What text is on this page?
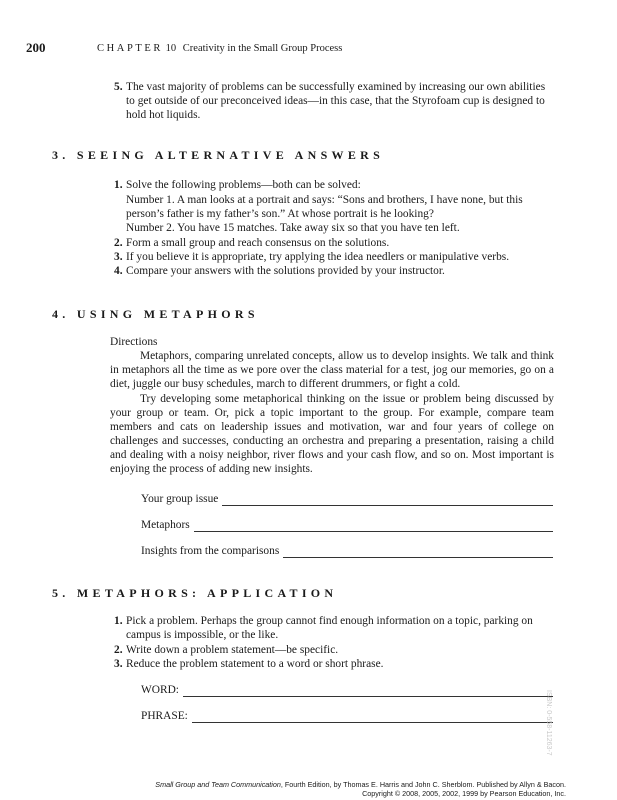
200	CHAPTER 10 Creativity in the Small Group Process
5. The vast majority of problems can be successfully examined by increasing our own abilities to get outside of our preconceived ideas—in this case, that the Styrofoam cup is designed to hold hot liquids.
3. SEEING ALTERNATIVE ANSWERS
1. Solve the following problems—both can be solved:
Number 1. A man looks at a portrait and says: “Sons and brothers, I have none, but this person’s father is my father’s son.” At whose portrait is he looking?
Number 2. You have 15 matches. Take away six so that you have ten left.
2. Form a small group and reach consensus on the solutions.
3. If you believe it is appropriate, try applying the idea needlers or manipulative verbs.
4. Compare your answers with the solutions provided by your instructor.
4. USING METAPHORS
Directions
Metaphors, comparing unrelated concepts, allow us to develop insights. We talk and think in metaphors all the time as we pore over the class material for a test, jog our memories, go on a diet, juggle our busy schedules, march to different drummers, or fight a cold.
Try developing some metaphorical thinking on the issue or problem being discussed by your group or team. Or, pick a topic important to the group. For example, compare team members and cats on leadership issues and motivation, war and four years of college on challenges and successes, conducting an orchestra and preparing a presentation, raising a child and dealing with a noisy neighbor, river flows and your cash flow, and so on. Most important is enjoying the process of adding new insights.
Your group issue
Metaphors
Insights from the comparisons
5. METAPHORS: APPLICATION
1. Pick a problem. Perhaps the group cannot find enough information on a topic, parking on campus is impossible, or the like.
2. Write down a problem statement—be specific.
3. Reduce the problem statement to a word or short phrase.
WORD:
PHRASE:	ISBN: 0-558-11263-7
Small Group and Team Communication, Fourth Edition, by Thomas E. Harris and John C. Sherblom. Published by Allyn & Bacon.
Copyright © 2008, 2005, 2002, 1999 by Pearson Education, Inc.
